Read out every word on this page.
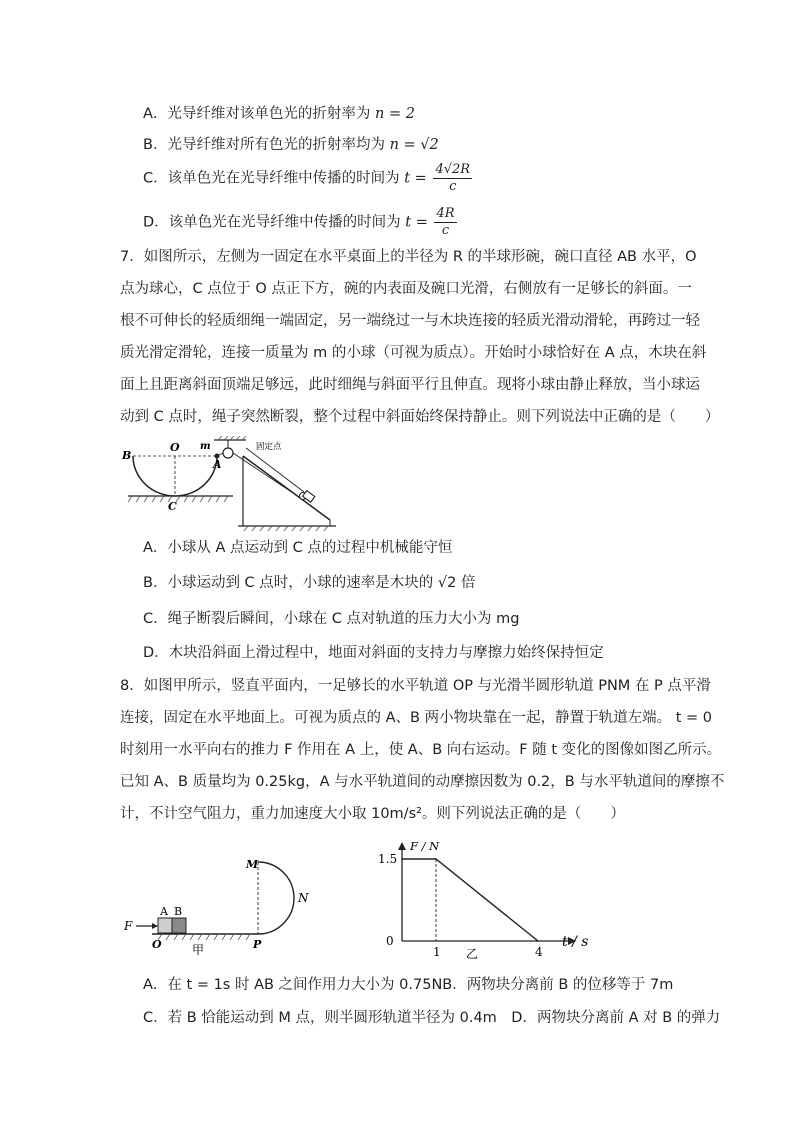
A．光导纤维对该单色光的折射率为 n = 2
B．光导纤维对所有色光的折射率均为 n = √2
C．该单色光在光导纤维中传播的时间为 $t = \frac{4√2R}{c}$
D．该单色光在光导纤维中传播的时间为 $t = \frac{4R}{c}$
7．如图所示，左侧为一固定在水平桌面上的半径为 R 的半球形碗，碗口直径 AB 水平，O
点为球心，C 点位于 O 点正下方，碗的内表面及碗口光滑，右侧放有一足够长的斜面。一
根不可伸长的轻质细绳一端固定，另一端绕过一与木块连接的轻质光滑动滑轮，再跨过一轻
质光滑定滑轮，连接一质量为 m 的小球（可视为质点）。开始时小球恰好在 A 点，木块在斜
面上且距离斜面顶端足够远，此时细绳与斜面平行且伸直。现将小球由静止释放，当小球运
动到 C 点时，绳子突然断裂，整个过程中斜面始终保持静止。则下列说法中正确的是（　　）
B
O m
A
C
固定点
A．小球从 A 点运动到 C 点的过程中机械能守恒
B．小球运动到 C 点时，小球的速率是木块的 √2 倍
C．绳子断裂后瞬间，小球在 C 点对轨道的压力大小为 mg
D．木块沿斜面上滑过程中，地面对斜面的支持力与摩擦力始终保持恒定
8．如图甲所示，竖直平面内，一足够长的水平轨道 OP 与光滑半圆形轨道 PNM 在 P 点平滑
连接，固定在水平地面上。可视为质点的 A、B 两小物块靠在一起，静置于轨道左端。 t = 0
时刻用一水平向右的推力 F 作用在 A 上，使 A、B 向右运动。F 随 t 变化的图像如图乙所示。
已知 A、B 质量均为 0.25kg，A 与水平轨道间的动摩擦因数为 0.2，B 与水平轨道间的摩擦不
计，不计空气阻力，重力加速度大小取 10m/s²。则下列说法正确的是（　　）
F
A B
O	P
M
N
甲
F / N
t / s
0
乙
1	4
1.5
A．在 t = 1s 时 AB 之间作用力大小为 0.75NB．两物块分离前 B 的位移等于 7m
C．若 B 恰能运动到 M 点，则半圆形轨道半径为 0.4m　D．两物块分离前 A 对 B 的弹力
